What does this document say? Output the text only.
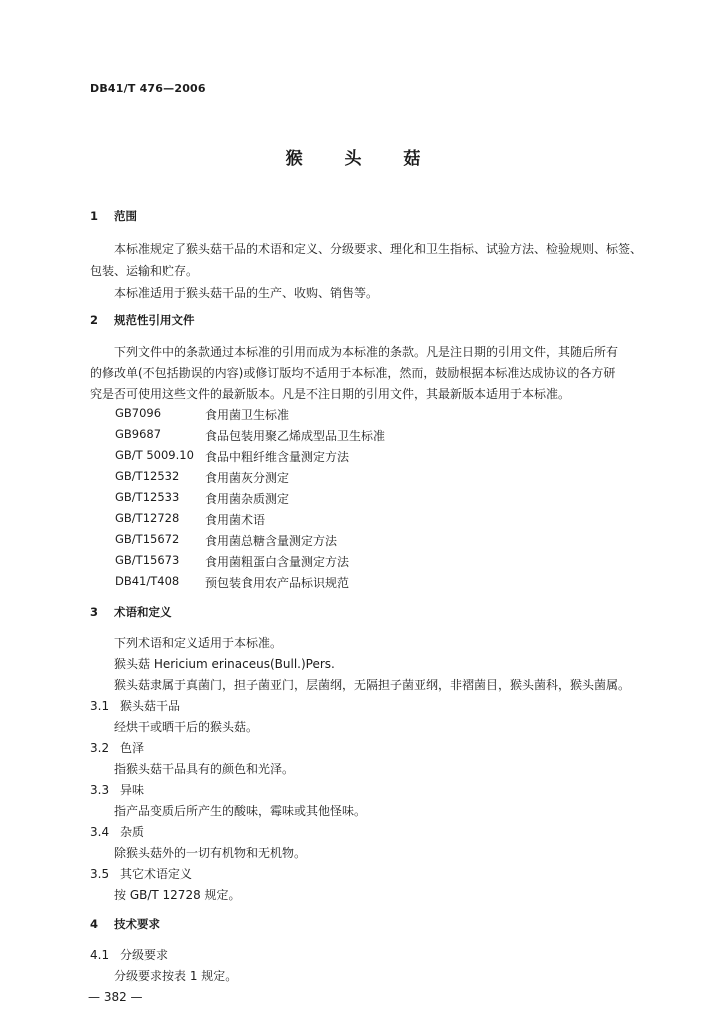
DB41/T 476—2006
猴 头 菇
1 范围
本标准规定了猴头菇干品的术语和定义、分级要求、理化和卫生指标、试验方法、检验规则、标签、
包装、运输和贮存。
本标准适用于猴头菇干品的生产、收购、销售等。
2 规范性引用文件
下列文件中的条款通过本标准的引用而成为本标准的条款。凡是注日期的引用文件，其随后所有
的修改单(不包括勘误的内容)或修订版均不适用于本标准，然而，鼓励根据本标准达成协议的各方研
究是否可使用这些文件的最新版本。凡是不注日期的引用文件，其最新版本适用于本标准。
GB7096	食用菌卫生标准
GB9687	食品包装用聚乙烯成型品卫生标准
GB/T 5009.10 食品中粗纤维含量测定方法
GB/T12532 食用菌灰分测定
GB/T12533 食用菌杂质测定
GB/T12728 食用菌术语
GB/T15672 食用菌总糖含量测定方法
GB/T15673 食用菌粗蛋白含量测定方法
DB41/T408 预包装食用农产品标识规范
3 术语和定义
下列术语和定义适用于本标准。
猴头菇 Hericium erinaceus(Bull.)Pers.
猴头菇隶属于真菌门，担子菌亚门，层菌纲，无隔担子菌亚纲，非褶菌目，猴头菌科，猴头菌属。
3.1 猴头菇干品
经烘干或晒干后的猴头菇。
3.2 色泽
指猴头菇干品具有的颜色和光泽。
3.3 异味
指产品变质后所产生的酸味，霉味或其他怪味。
3.4 杂质
除猴头菇外的一切有机物和无机物。
3.5 其它术语定义
按 GB/T 12728 规定。
4 技术要求
4.1 分级要求
分级要求按表 1 规定。
— 382 —
